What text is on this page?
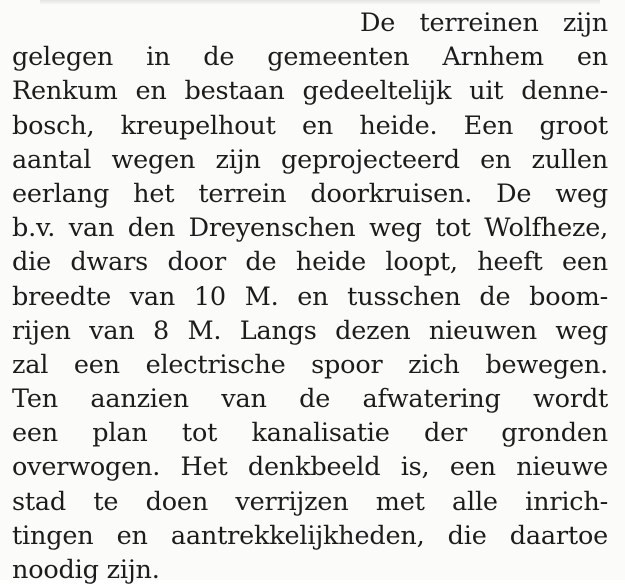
De terreinen zijn
gelegen in de gemeenten Arnhem en
Renkum en bestaan gedeeltelijk uit denne-
bosch, kreupelhout en heide. Een groot
aantal wegen zijn geprojecteerd en zullen
eerlang het terrein doorkruisen. De weg
b.v. van den Dreyenschen weg tot Wolfheze,
die dwars door de heide loopt, heeft een
breedte van 10 M. en tusschen de boom-
rijen van 8 M. Langs dezen nieuwen weg
zal een electrische spoor zich bewegen.
Ten aanzien van de afwatering wordt
een plan tot kanalisatie der gronden
overwogen. Het denkbeeld is, een nieuwe
stad te doen verrijzen met alle inrich-
tingen en aantrekkelijkheden, die daartoe
noodig zijn.
